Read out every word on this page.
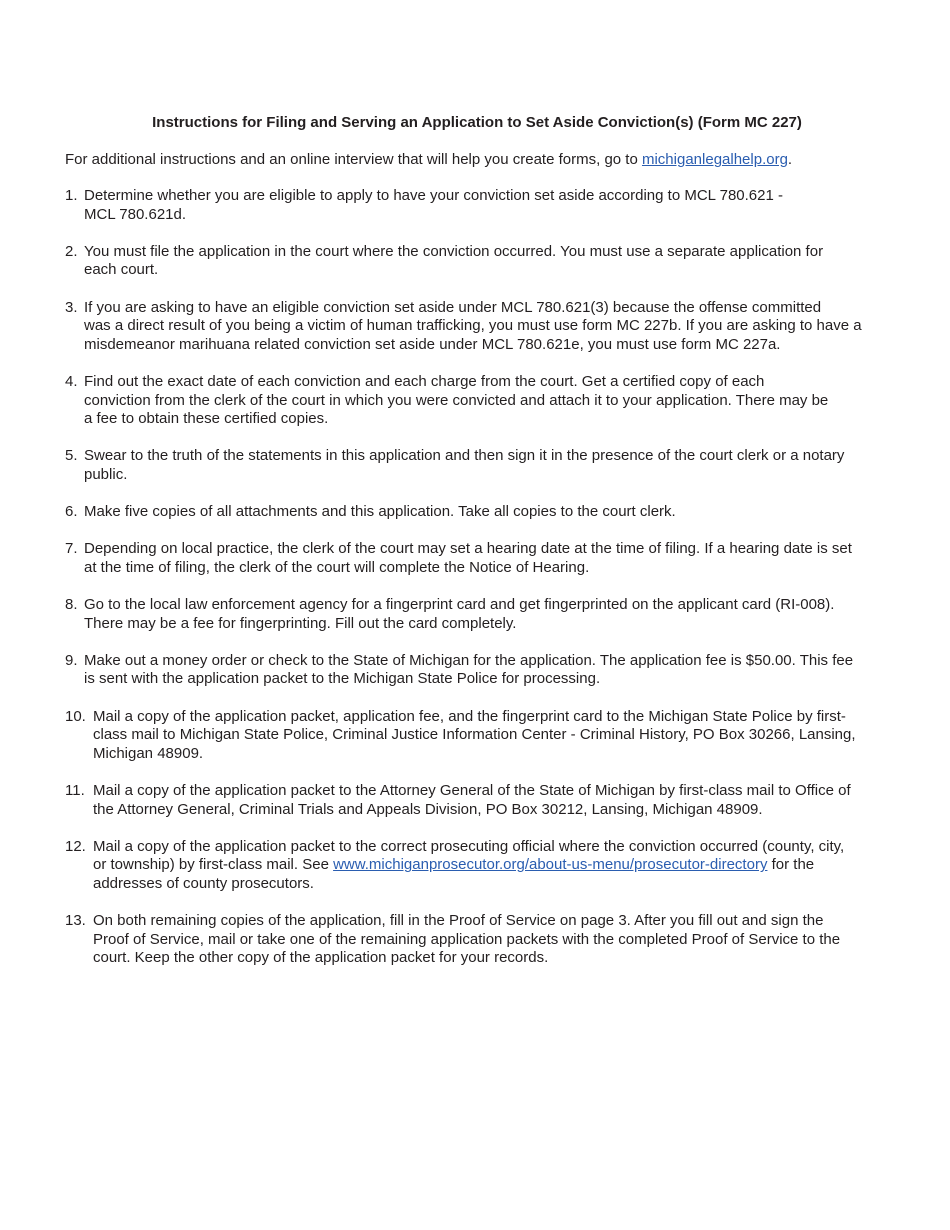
Instructions for Filing and Serving an Application to Set Aside Conviction(s) (Form MC 227)
For additional instructions and an online interview that will help you create forms, go to michiganlegalhelp.org.
1. Determine whether you are eligible to apply to have your conviction set aside according to MCL 780.621 -
MCL 780.621d.
2. You must file the application in the court where the conviction occurred. You must use a separate application for
each court.
3. If you are asking to have an eligible conviction set aside under MCL 780.621(3) because the offense committed
was a direct result of you being a victim of human trafficking, you must use form MC 227b. If you are asking to have a
misdemeanor marihuana related conviction set aside under MCL 780.621e, you must use form MC 227a.
4. Find out the exact date of each conviction and each charge from the court. Get a certified copy of each
conviction from the clerk of the court in which you were convicted and attach it to your application. There may be
a fee to obtain these certified copies.
5. Swear to the truth of the statements in this application and then sign it in the presence of the court clerk or a notary
public.
6. Make five copies of all attachments and this application. Take all copies to the court clerk.
7. Depending on local practice, the clerk of the court may set a hearing date at the time of filing. If a hearing date is set
at the time of filing, the clerk of the court will complete the Notice of Hearing.
8. Go to the local law enforcement agency for a fingerprint card and get fingerprinted on the applicant card (RI-008).
There may be a fee for fingerprinting. Fill out the card completely.
9. Make out a money order or check to the State of Michigan for the application. The application fee is $50.00. This fee
is sent with the application packet to the Michigan State Police for processing.
10. Mail a copy of the application packet, application fee, and the fingerprint card to the Michigan State Police by first-
class mail to Michigan State Police, Criminal Justice Information Center - Criminal History, PO Box 30266, Lansing,
Michigan 48909.
11. Mail a copy of the application packet to the Attorney General of the State of Michigan by first-class mail to Office of
the Attorney General, Criminal Trials and Appeals Division, PO Box 30212, Lansing, Michigan 48909.
12. Mail a copy of the application packet to the correct prosecuting official where the conviction occurred (county, city,
or township) by first-class mail. See www.michiganprosecutor.org/about-us-menu/prosecutor-directory for the
addresses of county prosecutors.
13. On both remaining copies of the application, fill in the Proof of Service on page 3. After you fill out and sign the
Proof of Service, mail or take one of the remaining application packets with the completed Proof of Service to the
court. Keep the other copy of the application packet for your records.
